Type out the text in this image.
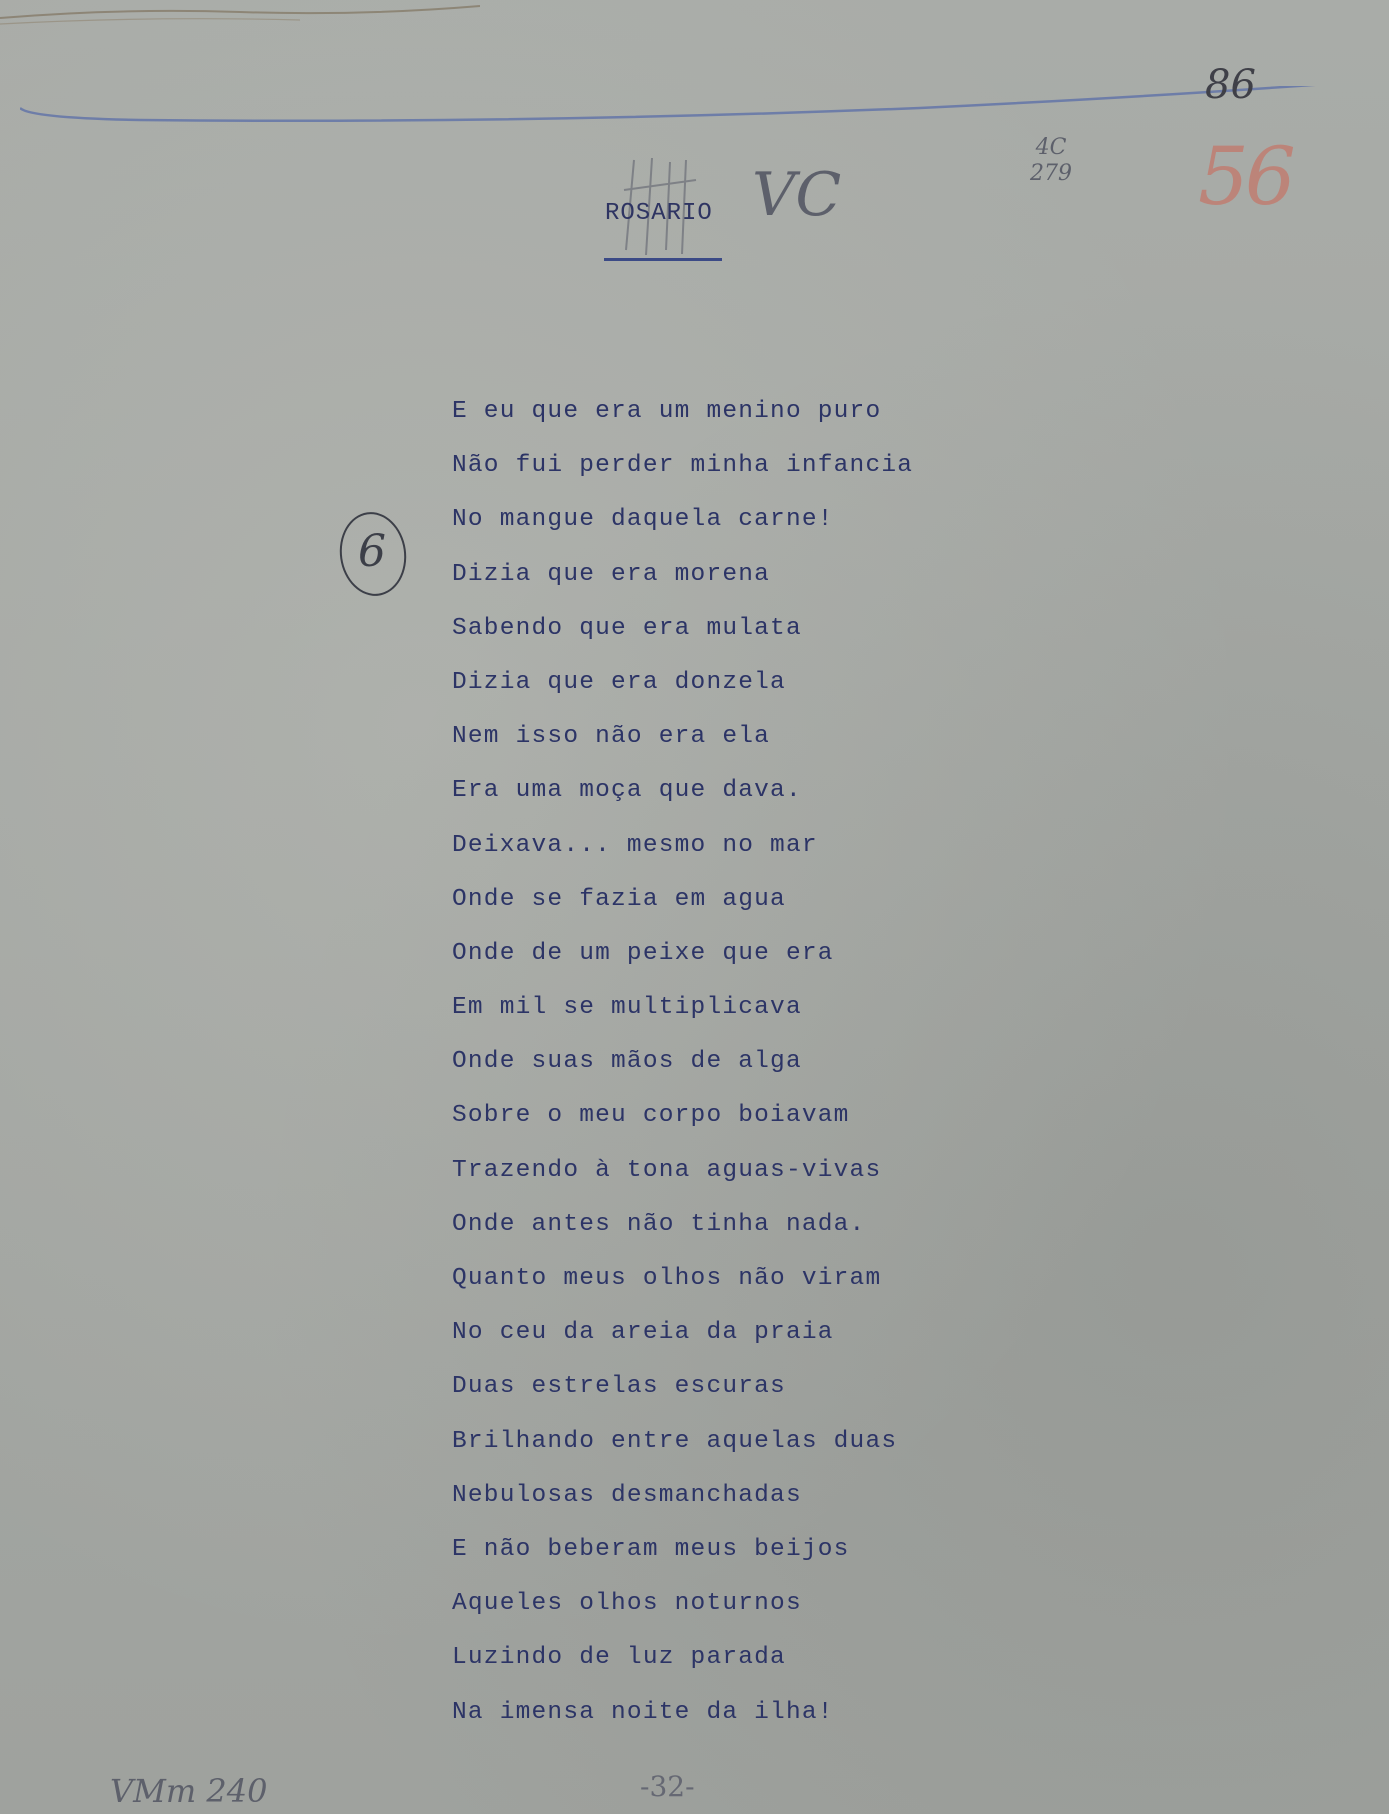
86
56
VC
4C
279
ROSARIO
6
E eu que era um menino puro
Não fui perder minha infancia
No mangue daquela carne!
Dizia que era morena
Sabendo que era mulata
Dizia que era donzela
Nem isso não era ela
Era uma moça que dava.
Deixava... mesmo no mar
Onde se fazia em agua
Onde de um peixe que era
Em mil se multiplicava
Onde suas mãos de alga
Sobre o meu corpo boiavam
Trazendo à tona aguas-vivas
Onde antes não tinha nada.
Quanto meus olhos não viram
No ceu da areia da praia
Duas estrelas escuras
Brilhando entre aquelas duas
Nebulosas desmanchadas
E não beberam meus beijos
Aqueles olhos noturnos
Luzindo de luz parada
Na imensa noite da ilha!
VMm 240	-32-
